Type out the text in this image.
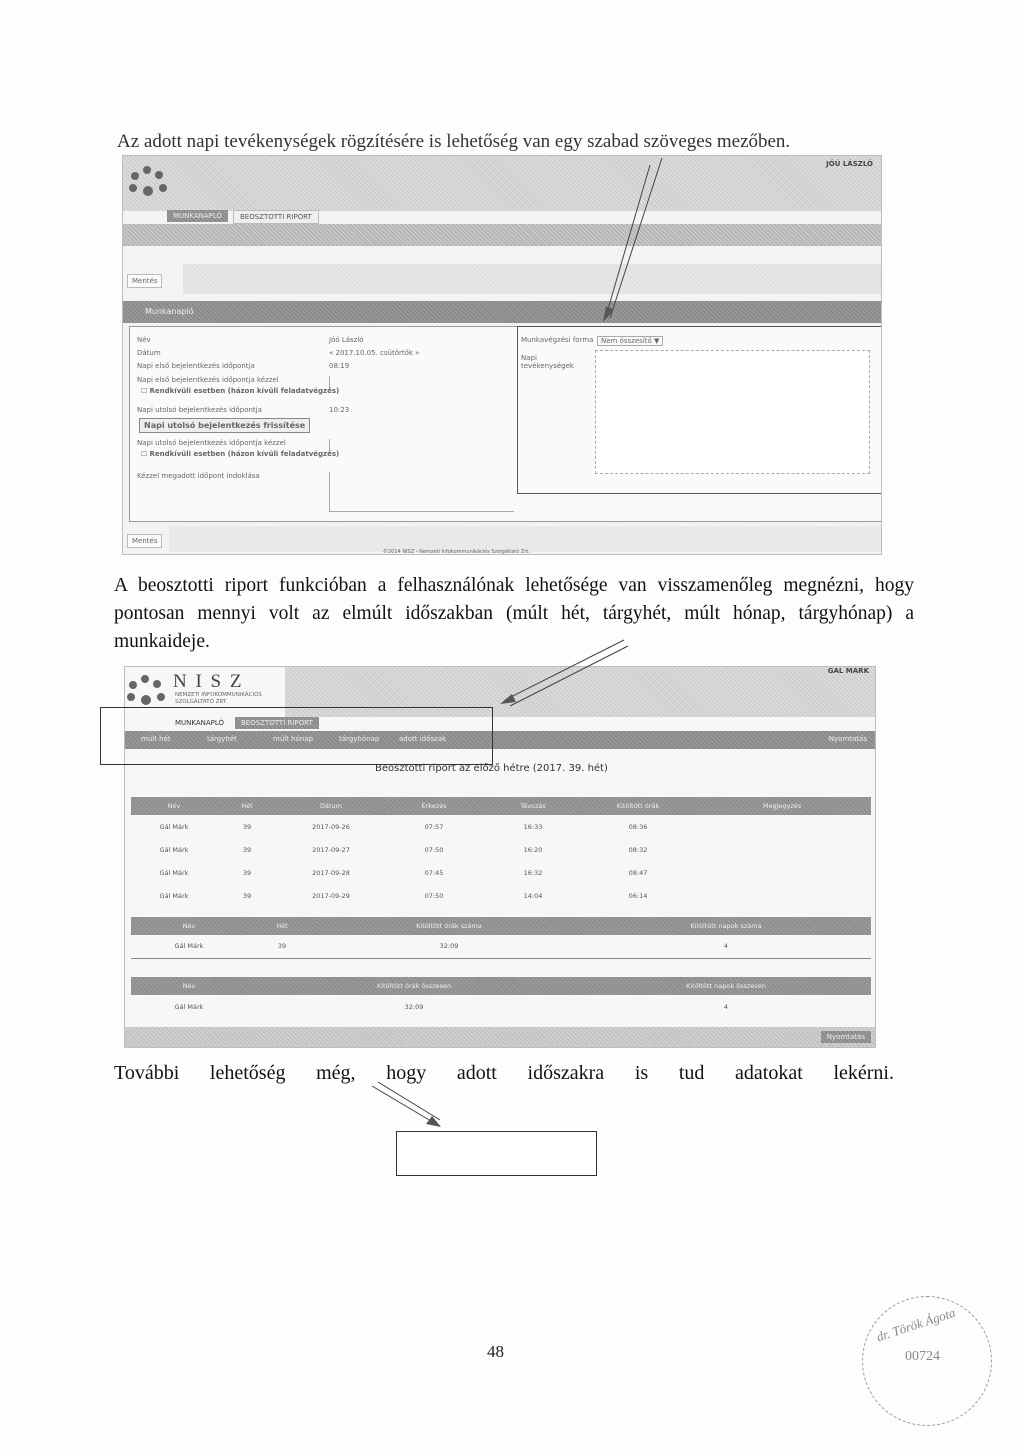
Az adott napi tevékenységek rögzítésére is lehetőség van egy szabad szöveges mezőben.
JÓÚ LÁSZLÓ
MUNKANAPLÓ	BEOSZTOTTI RIPORT
Mentés
Munkanapló
Név	Jóó László
Dátum	« 2017.10.05. csütörtök »
Napi első bejelentkezés időpontja	08:19
Napi első bejelentkezés időpontja kézzel
☐ Rendkívüli esetben (házon kívüli feladatvégzés)
Napi utolsó bejelentkezés időpontja	10:23
Napi utolsó bejelentkezés frissítése
Napi utolsó bejelentkezés időpontja kézzel
☐ Rendkívüli esetben (házon kívüli feladatvégzés)
Kézzel megadott időpont indoklása
Munkavégzési forma	Nem összesítő ▼
Napi tevékenységek
Mentés
©2014 NISZ - Nemzeti Infokommunikációs Szolgáltató Zrt.
A beosztotti riport funkcióban a felhasználónak lehetősége van visszamenőleg megnézni, hogy pontosan mennyi volt az elmúlt időszakban (múlt hét, tárgyhét, múlt hónap, tárgyhónap) a munkaideje.
GÁL MÁRK
N I S Z
NEMZETI INFOKOMMUNIKÁCIÓS
SZOLGÁLTATÓ ZRT.
MUNKANAPLÓ	BEOSZTOTTI RIPORT
múlt hét	tárgyhét	múlt hónap	tárgyhónap	adott időszak	Nyomtatás
Beosztotti riport az előző hétre (2017. 39. hét)
Név	Hét	Dátum	Érkezés	Távozás	Kitöltött órák	Megjegyzés
Gál Márk	39	2017-09-26	07:57	16:33	08:36	
Gál Márk	39	2017-09-27	07:50	16:20	08:32	
Gál Márk	39	2017-09-28	07:45	16:32	08:47	
Gál Márk	39	2017-09-29	07:50	14:04	06:14	
Név	Hét	Kitöltött órák száma	Kitöltött napok száma
Gál Márk	39	32:09	4
Név	Kitöltött órák összesen	Kitöltött napok összesen
Gál Márk	32:09	4
Nyomtatás
További lehetőség még, hogy adott időszakra is tud adatokat lekérni.
48
dr. Török Ágota
00724
